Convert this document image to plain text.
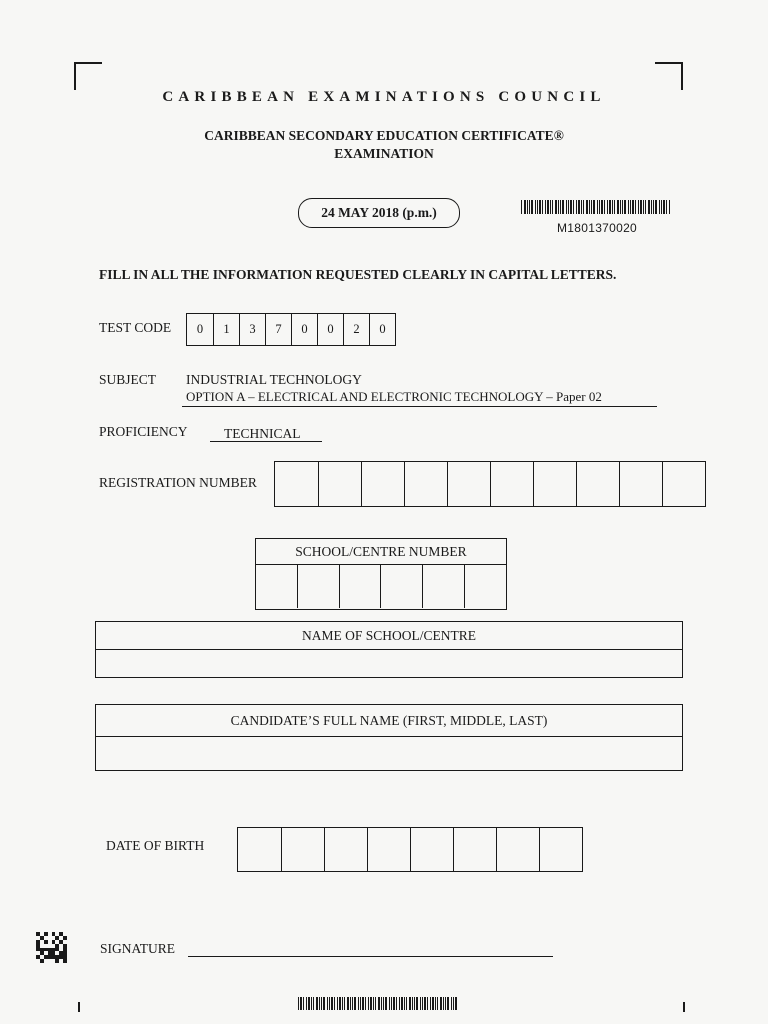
CARIBBEAN EXAMINATIONS COUNCIL
CARIBBEAN SECONDARY EDUCATION CERTIFICATE®
EXAMINATION
24 MAY 2018 (p.m.)
M1801370020
FILL IN ALL THE INFORMATION REQUESTED CLEARLY IN CAPITAL LETTERS.
TEST CODE	0	1	3	7	0	0	2	0
SUBJECT INDUSTRIAL TECHNOLOGY
OPTION A – ELECTRICAL AND ELECTRONIC TECHNOLOGY – Paper 02
PROFICIENCY	TECHNICAL
REGISTRATION NUMBER
SCHOOL/CENTRE NUMBER
NAME OF SCHOOL/CENTRE
CANDIDATE’S FULL NAME (FIRST, MIDDLE, LAST)
DATE OF BIRTH
SIGNATURE
